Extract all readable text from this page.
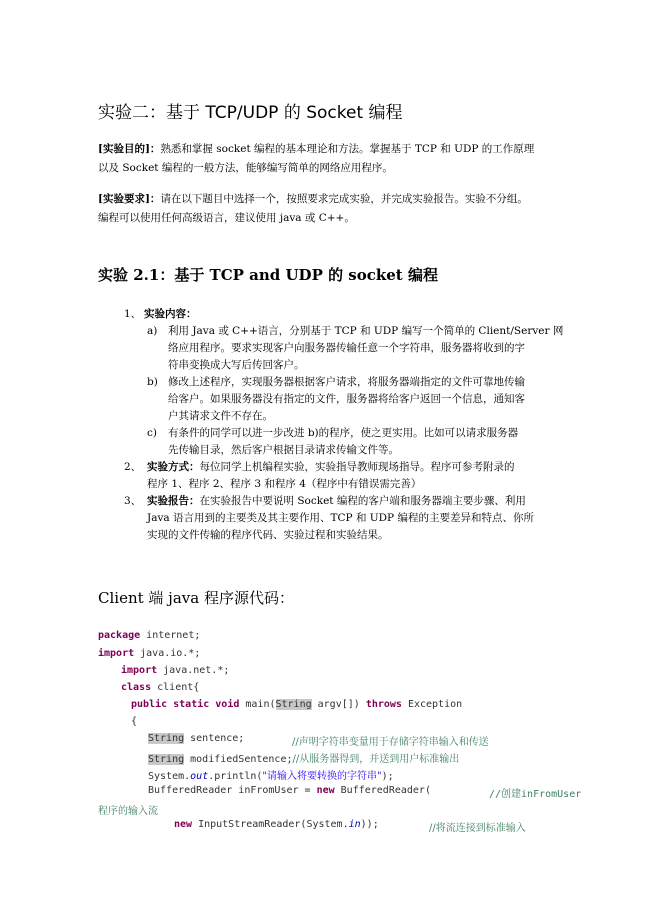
实验二：基于 TCP/UDP 的 Socket 编程
[实验目的]：熟悉和掌握 socket 编程的基本理论和方法。掌握基于 TCP 和 UDP 的工作原理
以及 Socket 编程的一般方法，能够编写简单的网络应用程序。
[实验要求]：请在以下题目中选择一个，按照要求完成实验，并完成实验报告。实验不分组。
编程可以使用任何高级语言，建议使用 java 或 C++。
实验 2.1：基于 TCP and UDP 的 socket 编程
1、 实验内容：
a) 利用 Java 或 C++语言，分别基于 TCP 和 UDP 编写一个简单的 Client/Server 网
络应用程序。要求实现客户向服务器传输任意一个字符串，服务器将收到的字
符串变换成大写后传回客户。
b) 修改上述程序，实现服务器根据客户请求，将服务器端指定的文件可靠地传输
给客户。如果服务器没有指定的文件，服务器将给客户返回一个信息，通知客
户其请求文件不存在。
c) 有条件的同学可以进一步改进 b)的程序，使之更实用。比如可以请求服务器
先传输目录，然后客户根据目录请求传输文件等。
2、 实验方式：每位同学上机编程实验，实验指导教师现场指导。程序可参考附录的
程序 1、程序 2、程序 3 和程序 4（程序中有错误需完善）
3、 实验报告：在实验报告中要说明 Socket 编程的客户端和服务器端主要步骤、利用
Java 语言用到的主要类及其主要作用、TCP 和 UDP 编程的主要差异和特点、你所
实现的文件传输的程序代码、实验过程和实验结果。
Client 端 java 程序源代码：
package internet;
import java.io.*;
import java.net.*;
class client{
public static void main(String argv[]) throws Exception
{
String sentence;	//声明字符串变量用于存储字符串输入和传送
String modifiedSentence;//从服务器得到，并送到用户标准输出
System.out.println("请输入将要转换的字符串");
BufferedReader inFromUser = new BufferedReader(	//创建inFromUser
程序的输入流
new InputStreamReader(System.in));	//将流连接到标准输入
